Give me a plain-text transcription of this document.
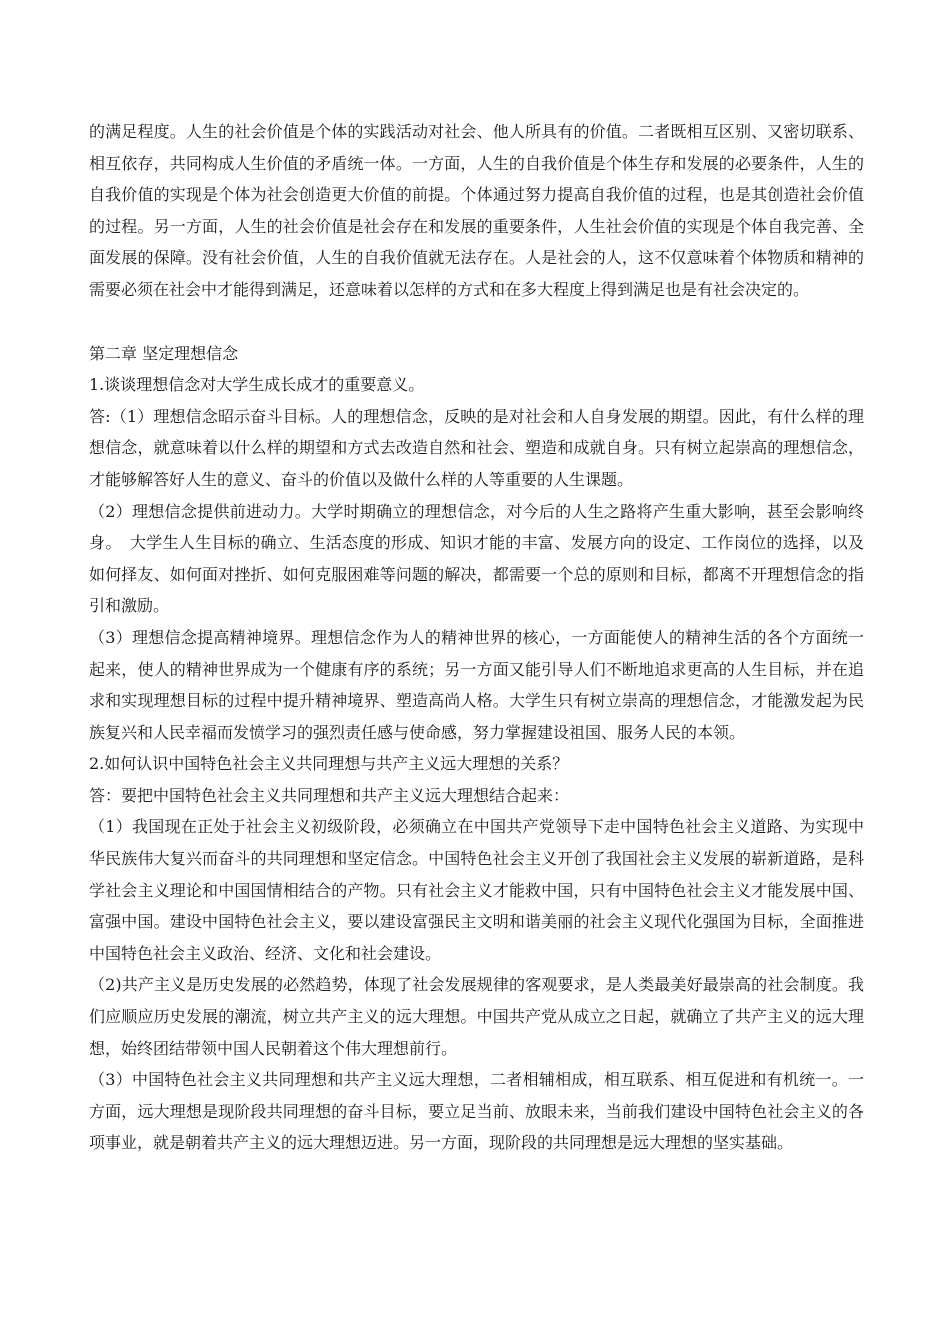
的满足程度。人生的社会价值是个体的实践活动对社会、他人所具有的价值。二者既相互区别、又密切联系、相互依存，共同构成人生价值的矛盾统一体。一方面，人生的自我价值是个体生存和发展的必要条件，人生的自我价值的实现是个体为社会创造更大价值的前提。个体通过努力提高自我价值的过程，也是其创造社会价值的过程。另一方面，人生的社会价值是社会存在和发展的重要条件，人生社会价值的实现是个体自我完善、全面发展的保障。没有社会价值，人生的自我价值就无法存在。人是社会的人，这不仅意味着个体物质和精神的需要必须在社会中才能得到满足，还意味着以怎样的方式和在多大程度上得到满足也是有社会决定的。

第二章 坚定理想信念

1.谈谈理想信念对大学生成长成才的重要意义。

答:（1）理想信念昭示奋斗目标。人的理想信念，反映的是对社会和人自身发展的期望。因此，有什么样的理想信念，就意味着以什么样的期望和方式去改造自然和社会、塑造和成就自身。只有树立起崇高的理想信念，才能够解答好人生的意义、奋斗的价值以及做什么样的人等重要的人生课题。

（2）理想信念提供前进动力。大学时期确立的理想信念，对今后的人生之路将产生重大影响，甚至会影响终身。　大学生人生目标的确立、生活态度的形成、知识才能的丰富、发展方向的设定、工作岗位的选择，以及如何择友、如何面对挫折、如何克服困难等问题的解决，都需要一个总的原则和目标，都离不开理想信念的指引和激励。

（3）理想信念提高精神境界。理想信念作为人的精神世界的核心，一方面能使人的精神生活的各个方面统一起来，使人的精神世界成为一个健康有序的系统；另一方面又能引导人们不断地追求更高的人生目标，并在追求和实现理想目标的过程中提升精神境界、塑造高尚人格。大学生只有树立崇高的理想信念，才能激发起为民族复兴和人民幸福而发愤学习的强烈责任感与使命感，努力掌握建设祖国、服务人民的本领。

2.如何认识中国特色社会主义共同理想与共产主义远大理想的关系？

答：要把中国特色社会主义共同理想和共产主义远大理想结合起来：

（1）我国现在正处于社会主义初级阶段，必须确立在中国共产党领导下走中国特色社会主义道路、为实现中华民族伟大复兴而奋斗的共同理想和坚定信念。中国特色社会主义开创了我国社会主义发展的崭新道路，是科学社会主义理论和中国国情相结合的产物。只有社会主义才能救中国，只有中国特色社会主义才能发展中国、富强中国。建设中国特色社会主义，要以建设富强民主文明和谐美丽的社会主义现代化强国为目标，全面推进中国特色社会主义政治、经济、文化和社会建设。

（2)共产主义是历史发展的必然趋势，体现了社会发展规律的客观要求，是人类最美好最崇高的社会制度。我们应顺应历史发展的潮流，树立共产主义的远大理想。中国共产党从成立之日起，就确立了共产主义的远大理想，始终团结带领中国人民朝着这个伟大理想前行。

（3）中国特色社会主义共同理想和共产主义远大理想，二者相辅相成，相互联系、相互促进和有机统一。一方面，远大理想是现阶段共同理想的奋斗目标，要立足当前、放眼未来，当前我们建设中国特色社会主义的各项事业，就是朝着共产主义的远大理想迈进。另一方面，现阶段的共同理想是远大理想的坚实基础。
